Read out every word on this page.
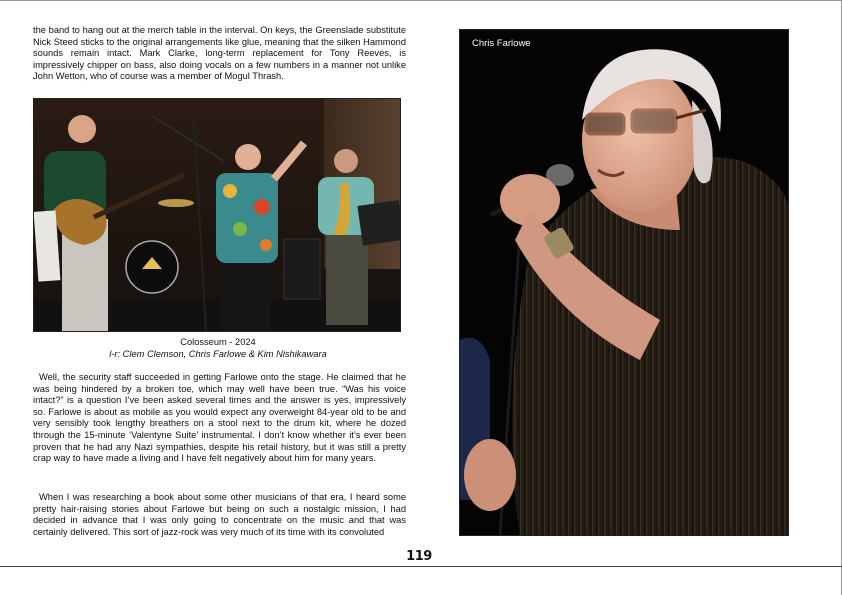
the band to hang out at the merch table in the interval. On keys, the Greenslade substitute Nick Steed sticks to the original arrangements like glue, meaning that the silken Hammond sounds remain intact. Mark Clarke, long-term replacement for Tony Reeves, is impressively chipper on bass, also doing vocals on a few numbers in a manner not unlike John Wetton, who of course was a member of Mogul Thrash.

Colosseum - 2024

l-r: Clem Clemson, Chris Farlowe & Kim Nishikawara

Well, the security staff succeeded in getting Farlowe onto the stage. He claimed that he was being hindered by a broken toe, which may well have been true. “Was his voice intact?” is a question I’ve been asked several times and the answer is yes, impressively so. Farlowe is about as mobile as you would expect any overweight 84-year old to be and very sensibly took lengthy breathers on a stool next to the drum kit, where he dozed through the 15-minute ‘Valentyne Suite’ instrumental. I don’t know whether it’s ever been proven that he had any Nazi sympathies, despite his retail history, but it was still a pretty crap way to have made a living and I have felt negatively about him for many years.

When I was researching a book about some other musicians of that era, I heard some pretty hair-raising stories about Farlowe but being on such a nostalgic mission, I had decided in advance that I was only going to concentrate on the music and that was certainly delivered. This sort of jazz-rock was very much of its time with its convoluted

Chris Farlowe
119
